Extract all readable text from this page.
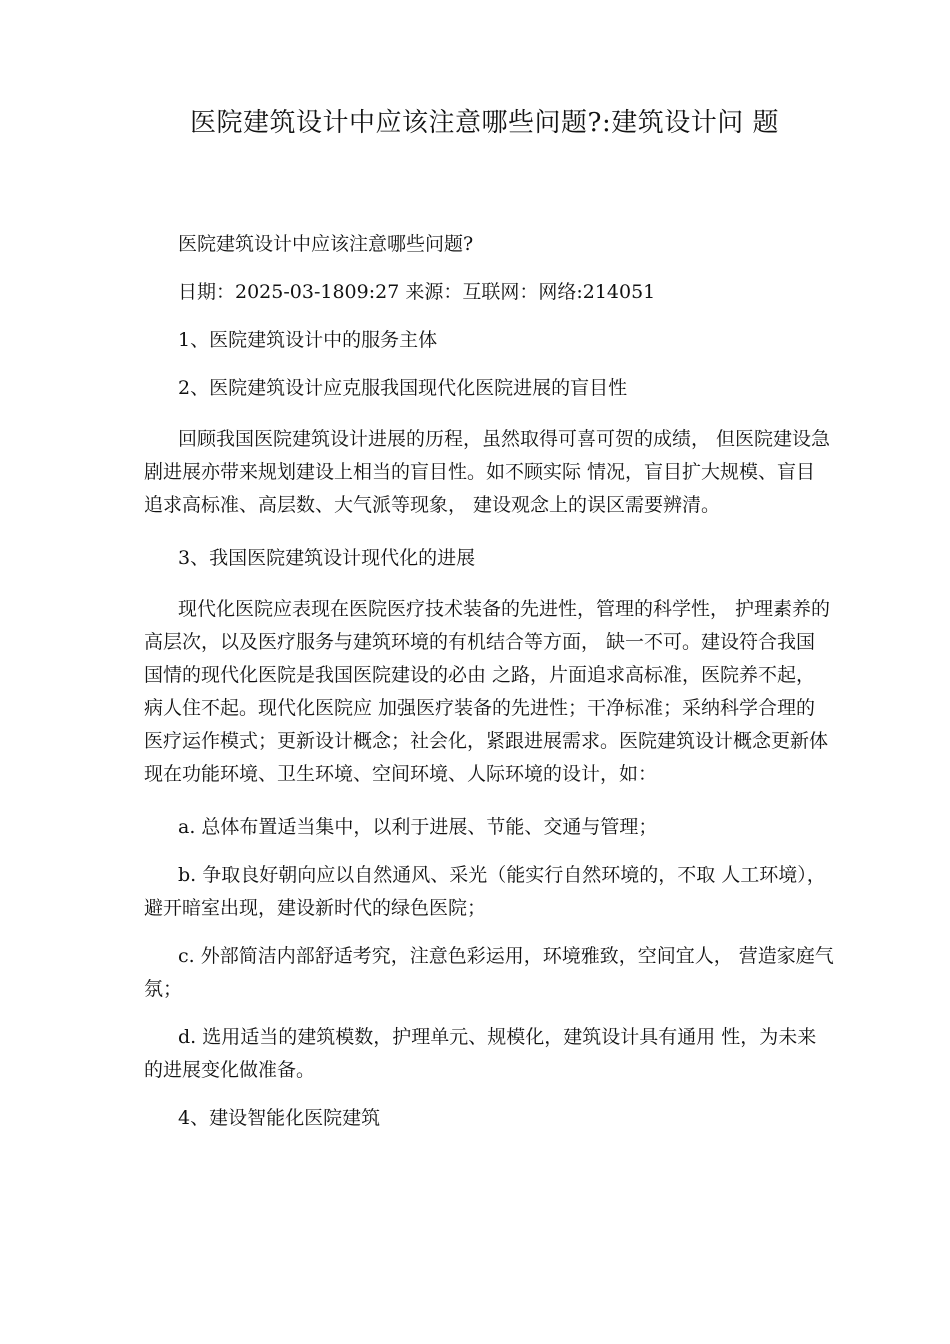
医院建筑设计中应该注意哪些问题?:建筑设计问 题

医院建筑设计中应该注意哪些问题?

日期：2025-03-1809:27 来源：互联网：网络:214051

1、医院建筑设计中的服务主体

2、医院建筑设计应克服我国现代化医院进展的盲目性

回顾我国医院建筑设计进展的历程，虽然取得可喜可贺的成绩， 但医院建设急剧进展亦带来规划建设上相当的盲目性。如不顾实际 情况，盲目扩大规模、盲目追求高标准、高层数、大气派等现象， 建设观念上的误区需要辨清。

3、我国医院建筑设计现代化的进展

现代化医院应表现在医院医疗技术装备的先进性，管理的科学性， 护理素养的高层次，以及医疗服务与建筑环境的有机结合等方面， 缺一不可。建设符合我国国情的现代化医院是我国医院建设的必由 之路，片面追求高标准，医院养不起，病人住不起。现代化医院应 加强医疗装备的先进性；干净标准；采纳科学合理的医疗运作模式；更新设计概念；社会化，紧跟进展需求。医院建筑设计概念更新体 现在功能环境、卫生环境、空间环境、人际环境的设计，如：

a. 总体布置适当集中，以利于进展、节能、交通与管理；

b. 争取良好朝向应以自然通风、采光（能实行自然环境的，不取 人工环境），避开暗室出现，建设新时代的绿色医院；

c. 外部简洁内部舒适考究，注意色彩运用，环境雅致，空间宜人， 营造家庭气氛；

d. 选用适当的建筑模数，护理单元、规模化，建筑设计具有通用 性，为未来的进展变化做准备。

4、建设智能化医院建筑
